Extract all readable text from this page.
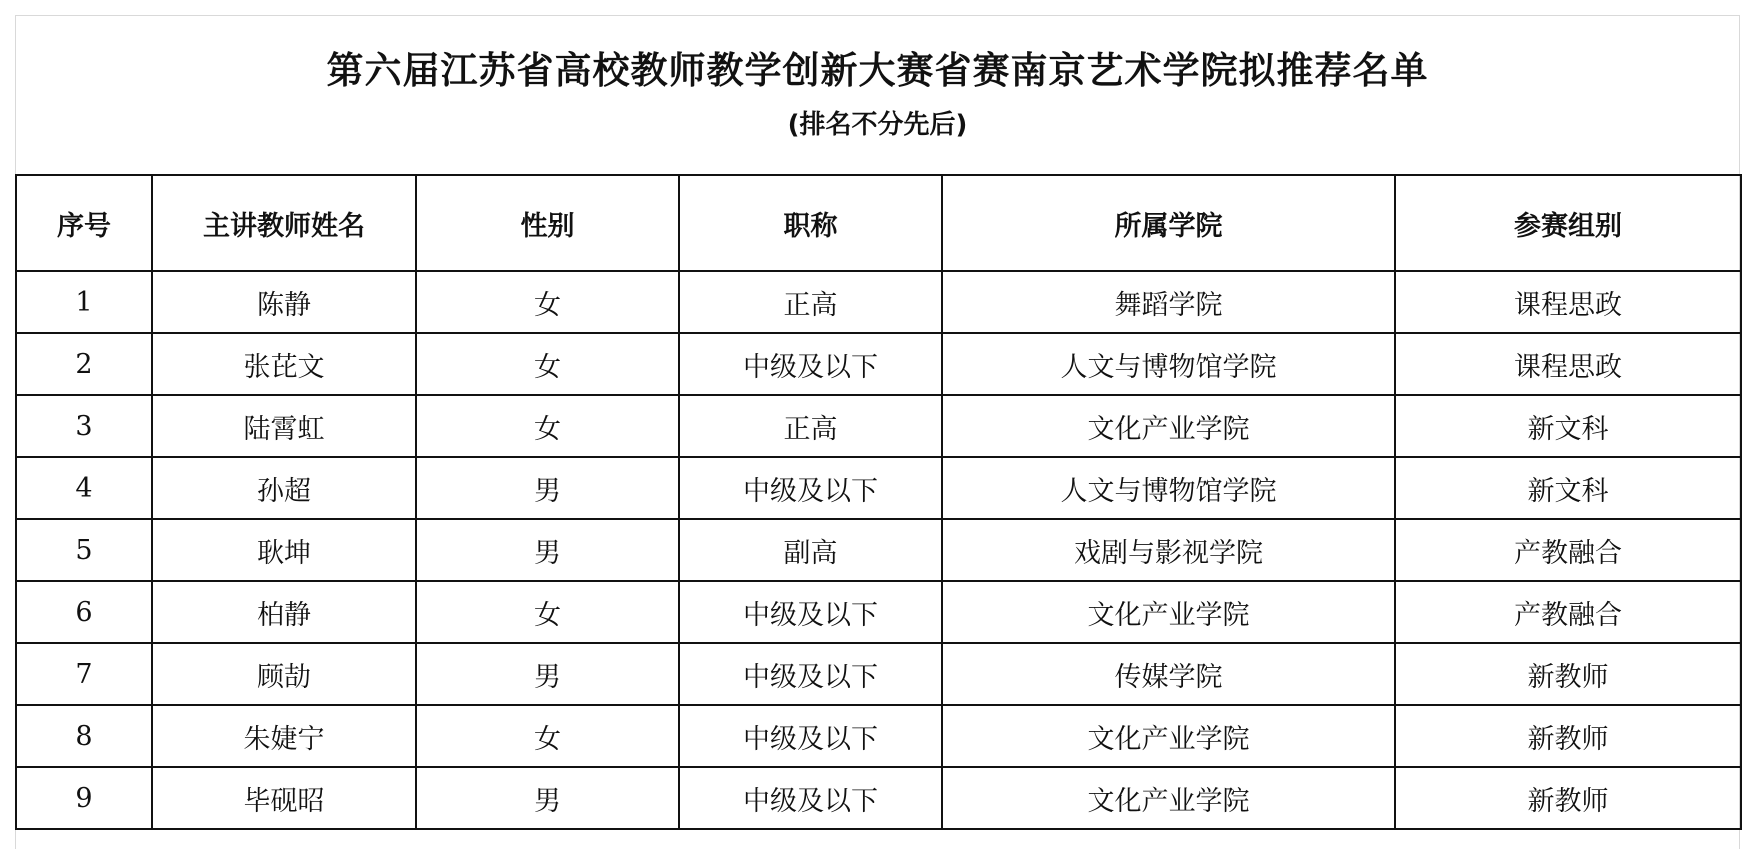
第六届江苏省高校教师教学创新大赛省赛南京艺术学院拟推荐名单
(排名不分先后)
序号	主讲教师姓名	性别	职称	所属学院	参赛组别
1	陈静	女	正高	舞蹈学院	课程思政
2	张芘文	女	中级及以下	人文与博物馆学院	课程思政
3	陆霄虹	女	正高	文化产业学院	新文科
4	孙超	男	中级及以下	人文与博物馆学院	新文科
5	耿坤	男	副高	戏剧与影视学院	产教融合
6	柏静	女	中级及以下	文化产业学院	产教融合
7	顾劼	男	中级及以下	传媒学院	新教师
8	朱婕宁	女	中级及以下	文化产业学院	新教师
9	毕砚昭	男	中级及以下	文化产业学院	新教师
